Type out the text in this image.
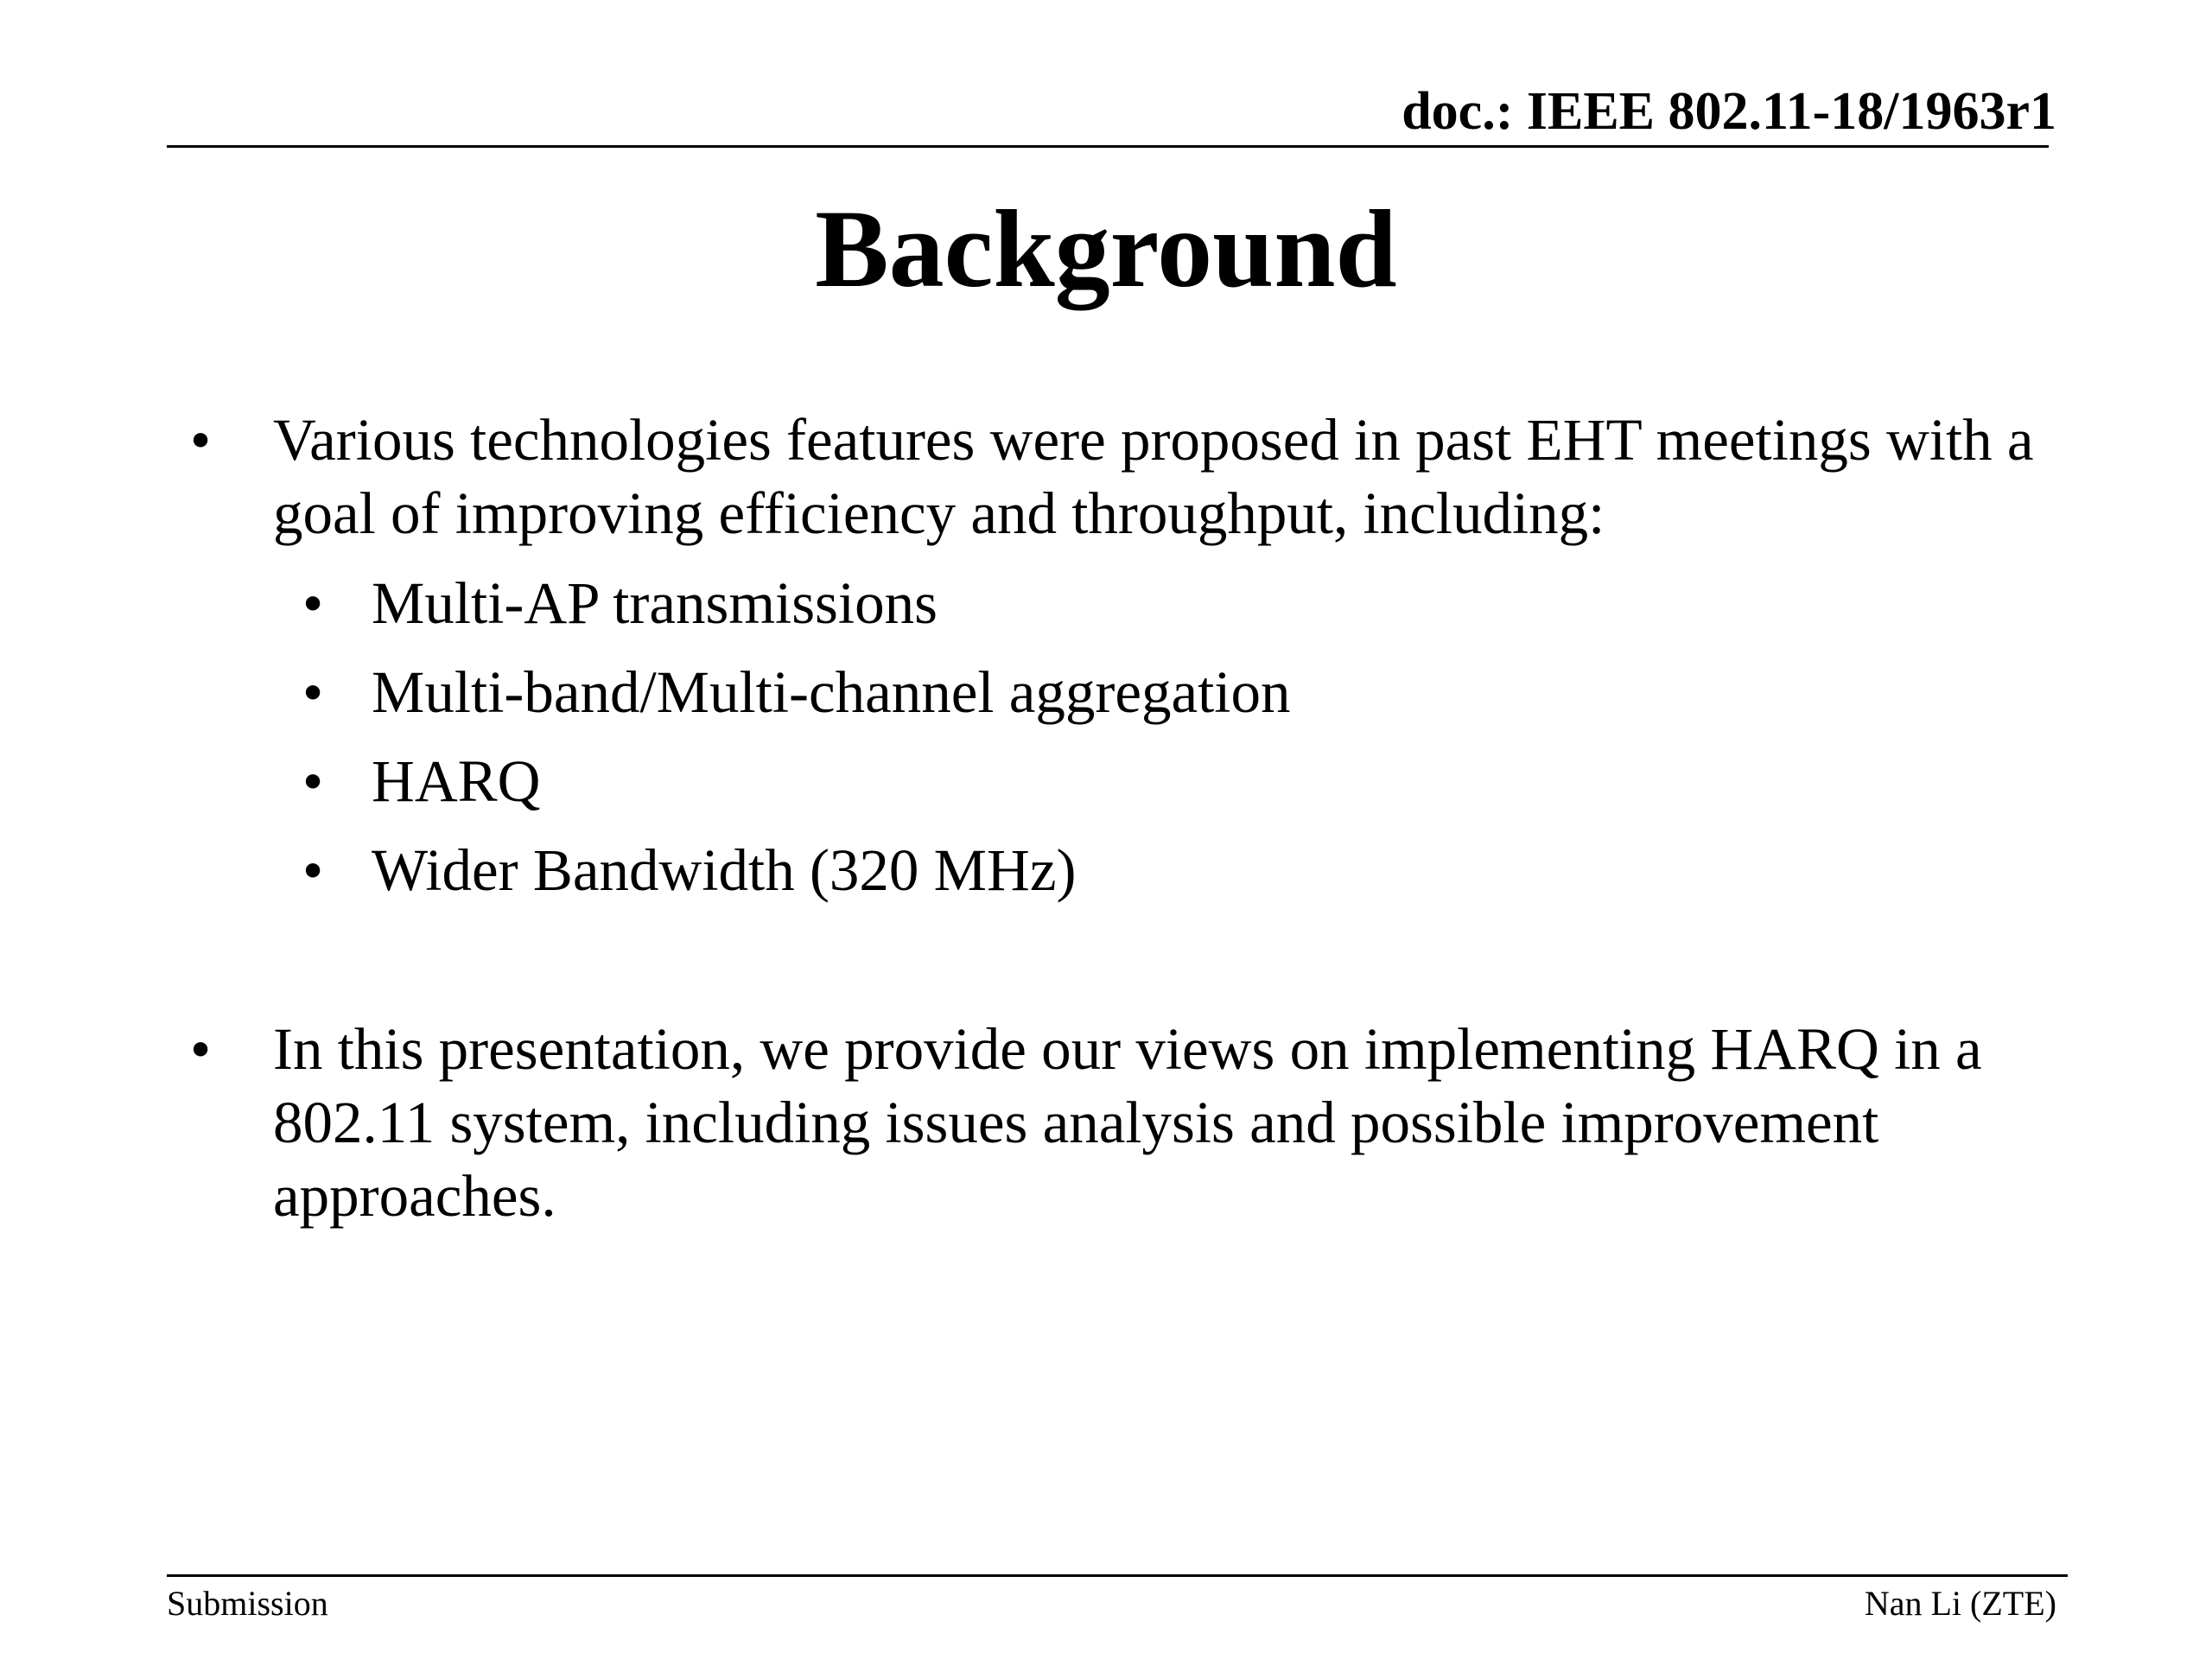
doc.: IEEE 802.11-18/1963r1
Background
• Various technologies features were proposed in past EHT meetings with a goal of improving efficiency and throughput, including:
• Multi-AP transmissions
• Multi-band/Multi-channel aggregation
• HARQ
• Wider Bandwidth (320 MHz)
• In this presentation, we provide our views on implementing HARQ in a 802.11 system, including issues analysis and possible improvement approaches.
Submission	Nan Li (ZTE)
